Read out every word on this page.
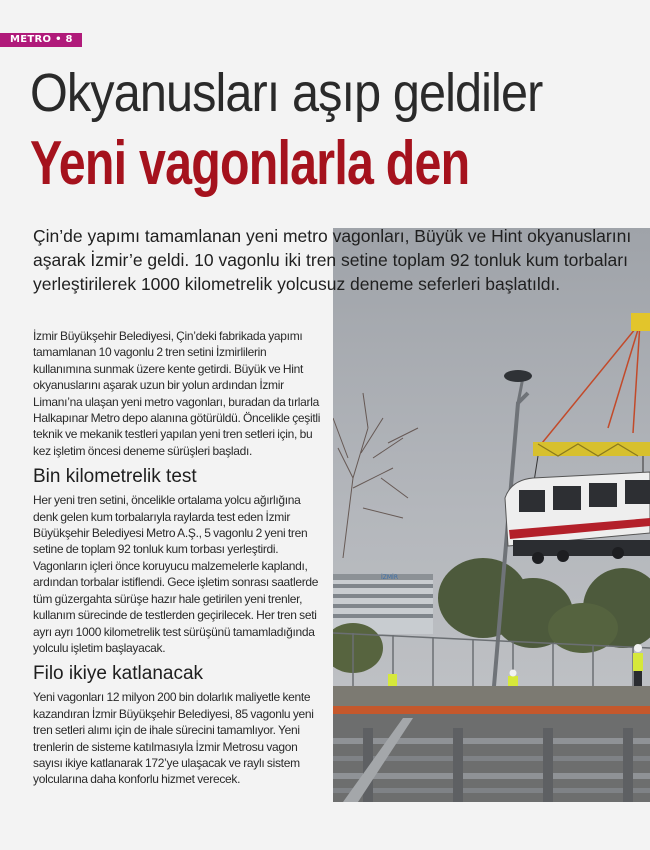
METRO • 8
Okyanusları aşıp geldiler
Yeni vagonlarla den
İZMİR
Çin’de yapımı tamamlanan yeni metro vagonları, Büyük ve Hint okyanuslarını aşarak İzmir’e geldi. 10 vagonlu iki tren setine toplam 92 tonluk kum torbaları yerleştirilerek 1000 kilometrelik yolcusuz deneme seferleri başlatıldı.

İzmir Büyükşehir Belediyesi, Çin’deki fabrikada yapımı tamamlanan 10 vagonlu 2 tren setini İzmirlilerin kullanımına sunmak üzere kente getirdi. Büyük ve Hint okyanuslarını aşarak uzun bir yolun ardından İzmir Limanı’na ulaşan yeni metro vagonları, buradan da tırlarla Halkapınar Metro depo alanına götürüldü. Öncelikle çeşitli teknik ve mekanik testleri yapılan yeni tren setleri için, bu kez işletim öncesi deneme sürüşleri başladı.

Bin kilometrelik test

Her yeni tren setini, öncelikle ortalama yolcu ağırlığına denk gelen kum torbalarıyla raylarda test eden İzmir Büyükşehir Belediyesi Metro A.Ş., 5 vagonlu 2 yeni tren setine de toplam 92 tonluk kum torbası yerleştirdi. Vagonların içleri önce koruyucu malzemelerle kaplandı, ardından torbalar istiflendi. Gece işletim sonrası saatlerde tüm güzergahta sürüşe hazır hale getirilen yeni trenler, kullanım sürecinde de testlerden geçirilecek. Her tren seti ayrı ayrı 1000 kilometrelik test sürüşünü tamamladığında yolculu işletim başlayacak.

Filo ikiye katlanacak

Yeni vagonları 12 milyon 200 bin dolarlık maliyetle kente kazandıran İzmir Büyükşehir Belediyesi, 85 vagonlu yeni tren setleri alımı için de ihale sürecini tamamlıyor. Yeni trenlerin de sisteme katılmasıyla İzmir Metrosu vagon sayısı ikiye katlanarak 172’ye ulaşacak ve raylı sistem yolcularına daha konforlu hizmet verecek.
